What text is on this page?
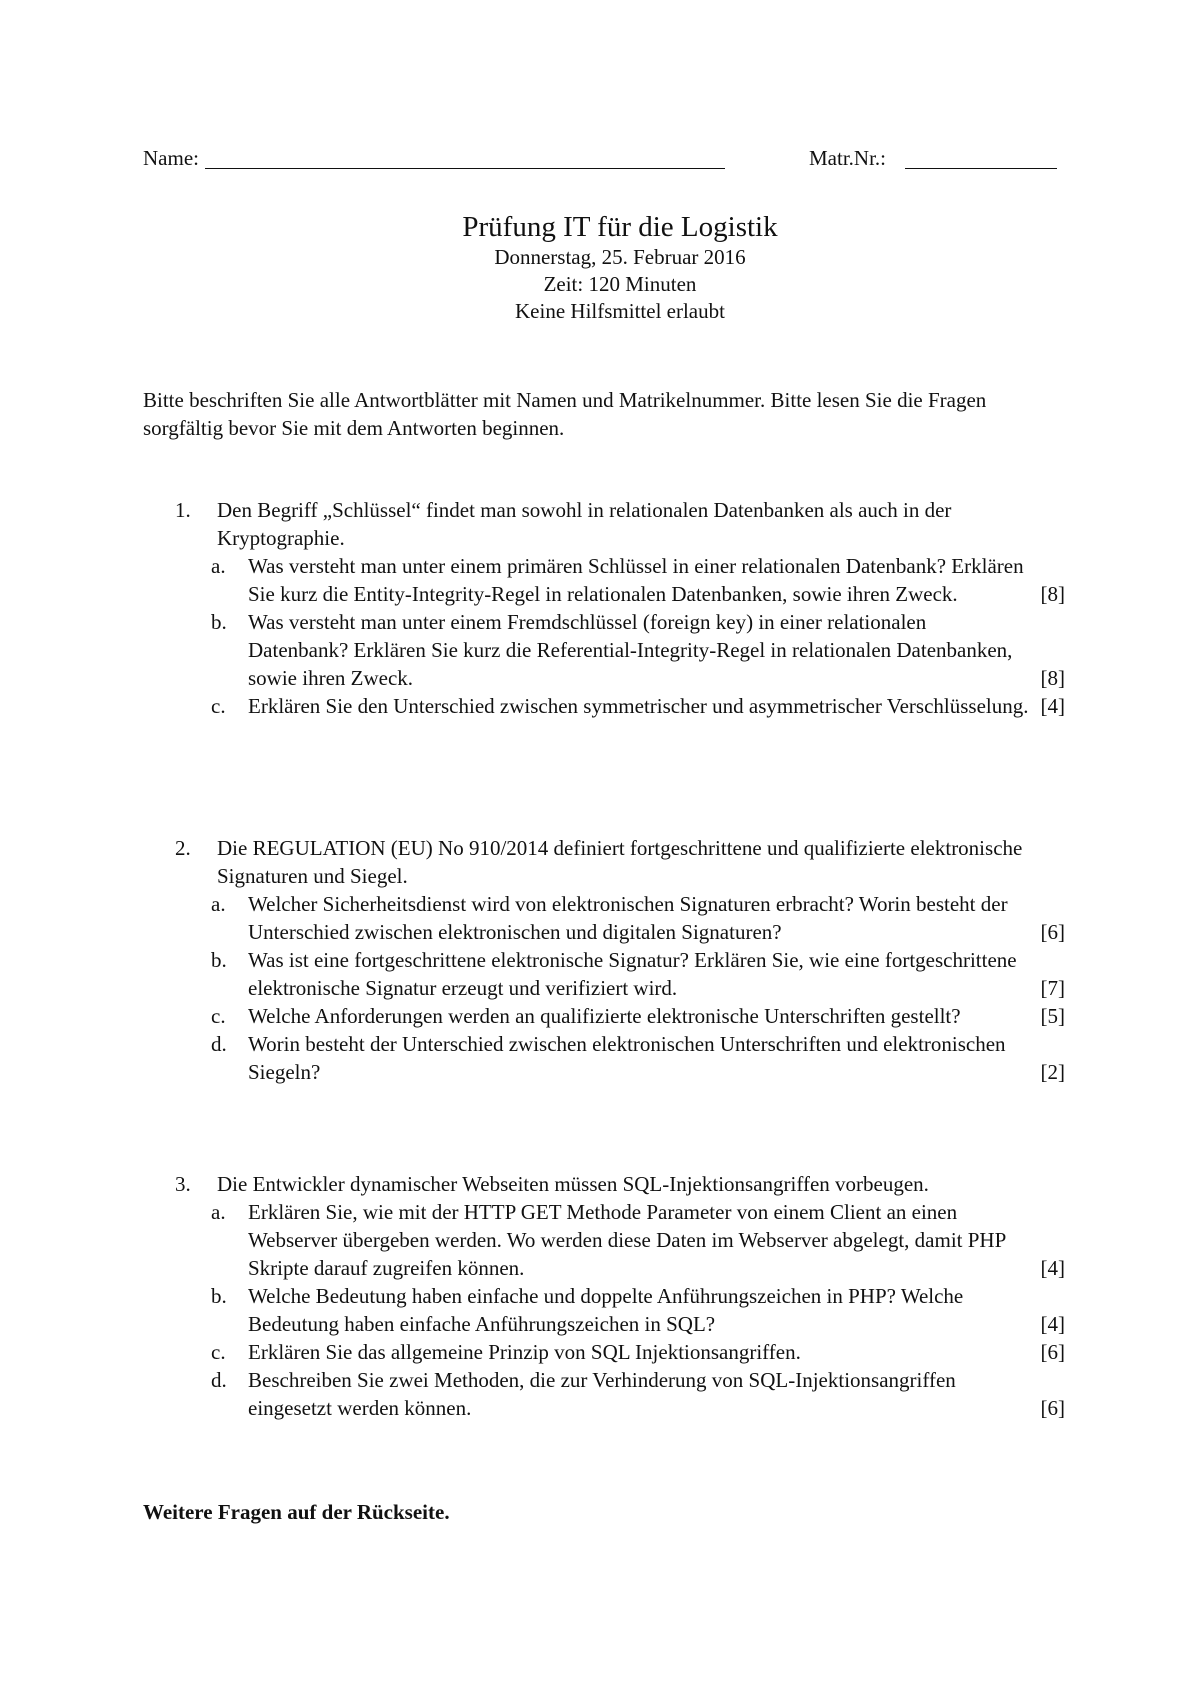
Name:	Matr.Nr.:
Prüfung IT für die Logistik
Donnerstag, 25. Februar 2016
Zeit: 120 Minuten
Keine Hilfsmittel erlaubt
Bitte beschriften Sie alle Antwortblätter mit Namen und Matrikelnummer. Bitte lesen Sie die Fragen sorgfältig bevor Sie mit dem Antworten beginnen.
1. Den Begriff „Schlüssel“ findet man sowohl in relationalen Datenbanken als auch in der Kryptographie.
a. Was versteht man unter einem primären Schlüssel in einer relationalen Datenbank? Erklären Sie kurz die Entity-Integrity-Regel in relationalen Datenbanken, sowie ihren Zweck.	[8]
b. Was versteht man unter einem Fremdschlüssel (foreign key) in einer relationalen Datenbank? Erklären Sie kurz die Referential-Integrity-Regel in relationalen Datenbanken, sowie ihren Zweck.	[8]
c. Erklären Sie den Unterschied zwischen symmetrischer und asymmetrischer Verschlüsselung. [4]
2. Die REGULATION (EU) No 910/2014 definiert fortgeschrittene und qualifizierte elektronische Signaturen und Siegel.
a. Welcher Sicherheitsdienst wird von elektronischen Signaturen erbracht? Worin besteht der Unterschied zwischen elektronischen und digitalen Signaturen?	[6]
b. Was ist eine fortgeschrittene elektronische Signatur? Erklären Sie, wie eine fortgeschrittene elektronische Signatur erzeugt und verifiziert wird.	[7]
c. Welche Anforderungen werden an qualifizierte elektronische Unterschriften gestellt?	[5]
d. Worin besteht der Unterschied zwischen elektronischen Unterschriften und elektronischen Siegeln?	[2]
3. Die Entwickler dynamischer Webseiten müssen SQL-Injektionsangriffen vorbeugen.
a. Erklären Sie, wie mit der HTTP GET Methode Parameter von einem Client an einen Webserver übergeben werden. Wo werden diese Daten im Webserver abgelegt, damit PHP Skripte darauf zugreifen können.	[4]
b. Welche Bedeutung haben einfache und doppelte Anführungszeichen in PHP? Welche Bedeutung haben einfache Anführungszeichen in SQL?	[4]
c. Erklären Sie das allgemeine Prinzip von SQL Injektionsangriffen.	[6]
d. Beschreiben Sie zwei Methoden, die zur Verhinderung von SQL-Injektionsangriffen eingesetzt werden können.	[6]
Weitere Fragen auf der Rückseite.
